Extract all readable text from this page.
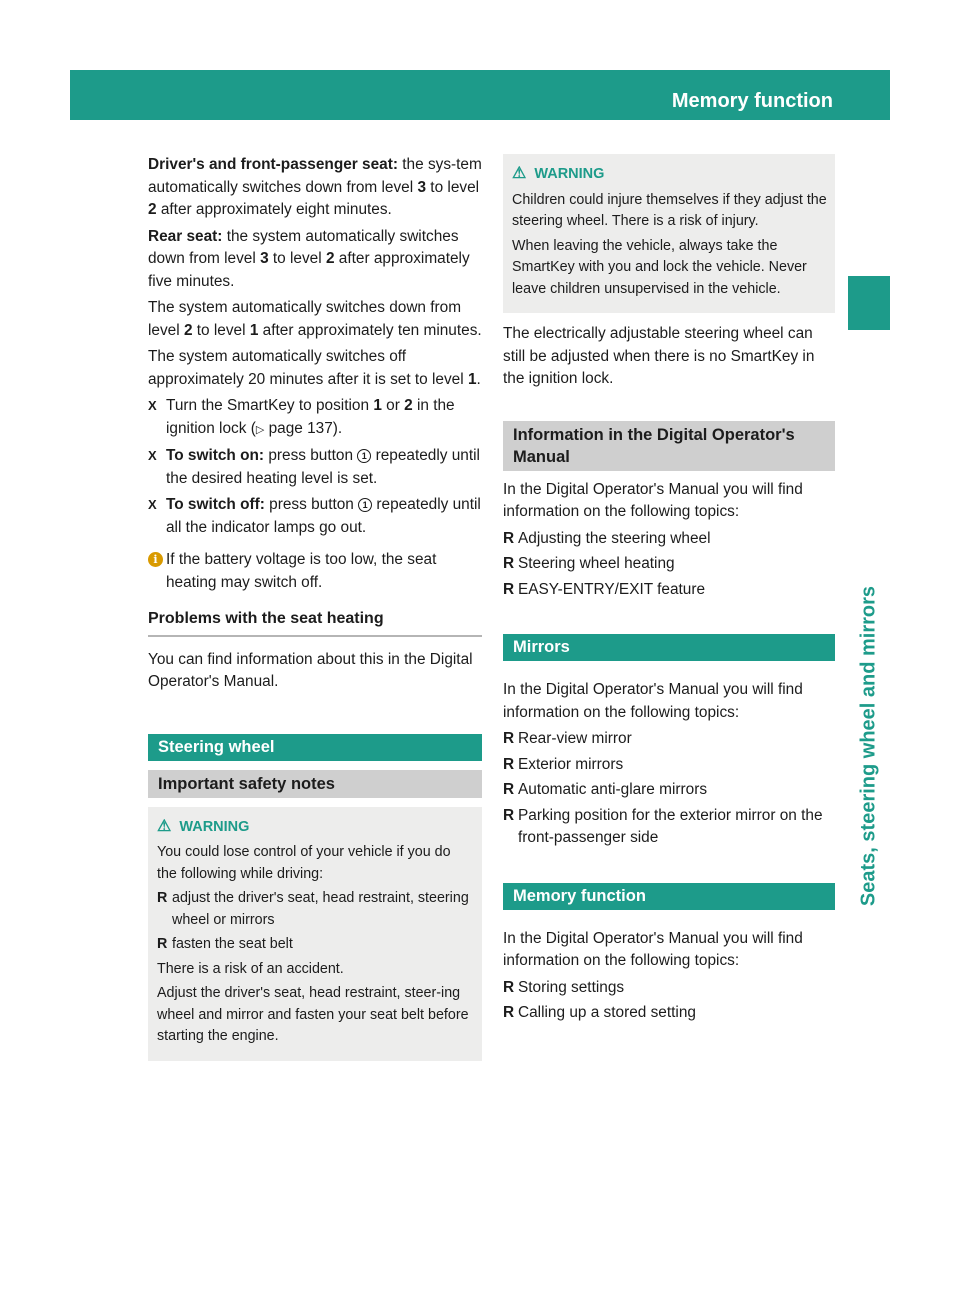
Memory function	117
Seats, steering wheel and mirrors

Driver's and front-passenger seat: the sys-tem automatically switches down from level 3 to level 2 after approximately eight minutes.

Rear seat: the system automatically switches down from level 3 to level 2 after approximately five minutes.

The system automatically switches down from level 2 to level 1 after approximately ten minutes.

The system automatically switches off approximately 20 minutes after it is set to level 1.

X Turn the SmartKey to position 1 or 2 in the ignition lock (▷ page 137).
X To switch on: press button 1 repeatedly until the desired heating level is set.
X To switch off: press button 1 repeatedly until all the indicator lamps go out.
i If the battery voltage is too low, the seat heating may switch off.
Problems with the seat heating

You can find information about this in the Digital Operator's Manual.

Steering wheel
Important safety notes
⚠ WARNING

You could lose control of your vehicle if you do the following while driving:

R adjust the driver's seat, head restraint, steering wheel or mirrors
R fasten the seat belt

There is a risk of an accident.

Adjust the driver's seat, head restraint, steer-ing wheel and mirror and fasten your seat belt before starting the engine.

⚠ WARNING

Children could injure themselves if they adjust the steering wheel. There is a risk of injury.

When leaving the vehicle, always take the SmartKey with you and lock the vehicle. Never leave children unsupervised in the vehicle.

The electrically adjustable steering wheel can still be adjusted when there is no SmartKey in the ignition lock.

Information in the Digital Operator's Manual

In the Digital Operator's Manual you will find information on the following topics:

R Adjusting the steering wheel
R Steering wheel heating
R EASY-ENTRY/EXIT feature
Mirrors

In the Digital Operator's Manual you will find information on the following topics:

R Rear-view mirror
R Exterior mirrors
R Automatic anti-glare mirrors
R Parking position for the exterior mirror on the front-passenger side
Memory function

In the Digital Operator's Manual you will find information on the following topics:

R Storing settings
R Calling up a stored setting
